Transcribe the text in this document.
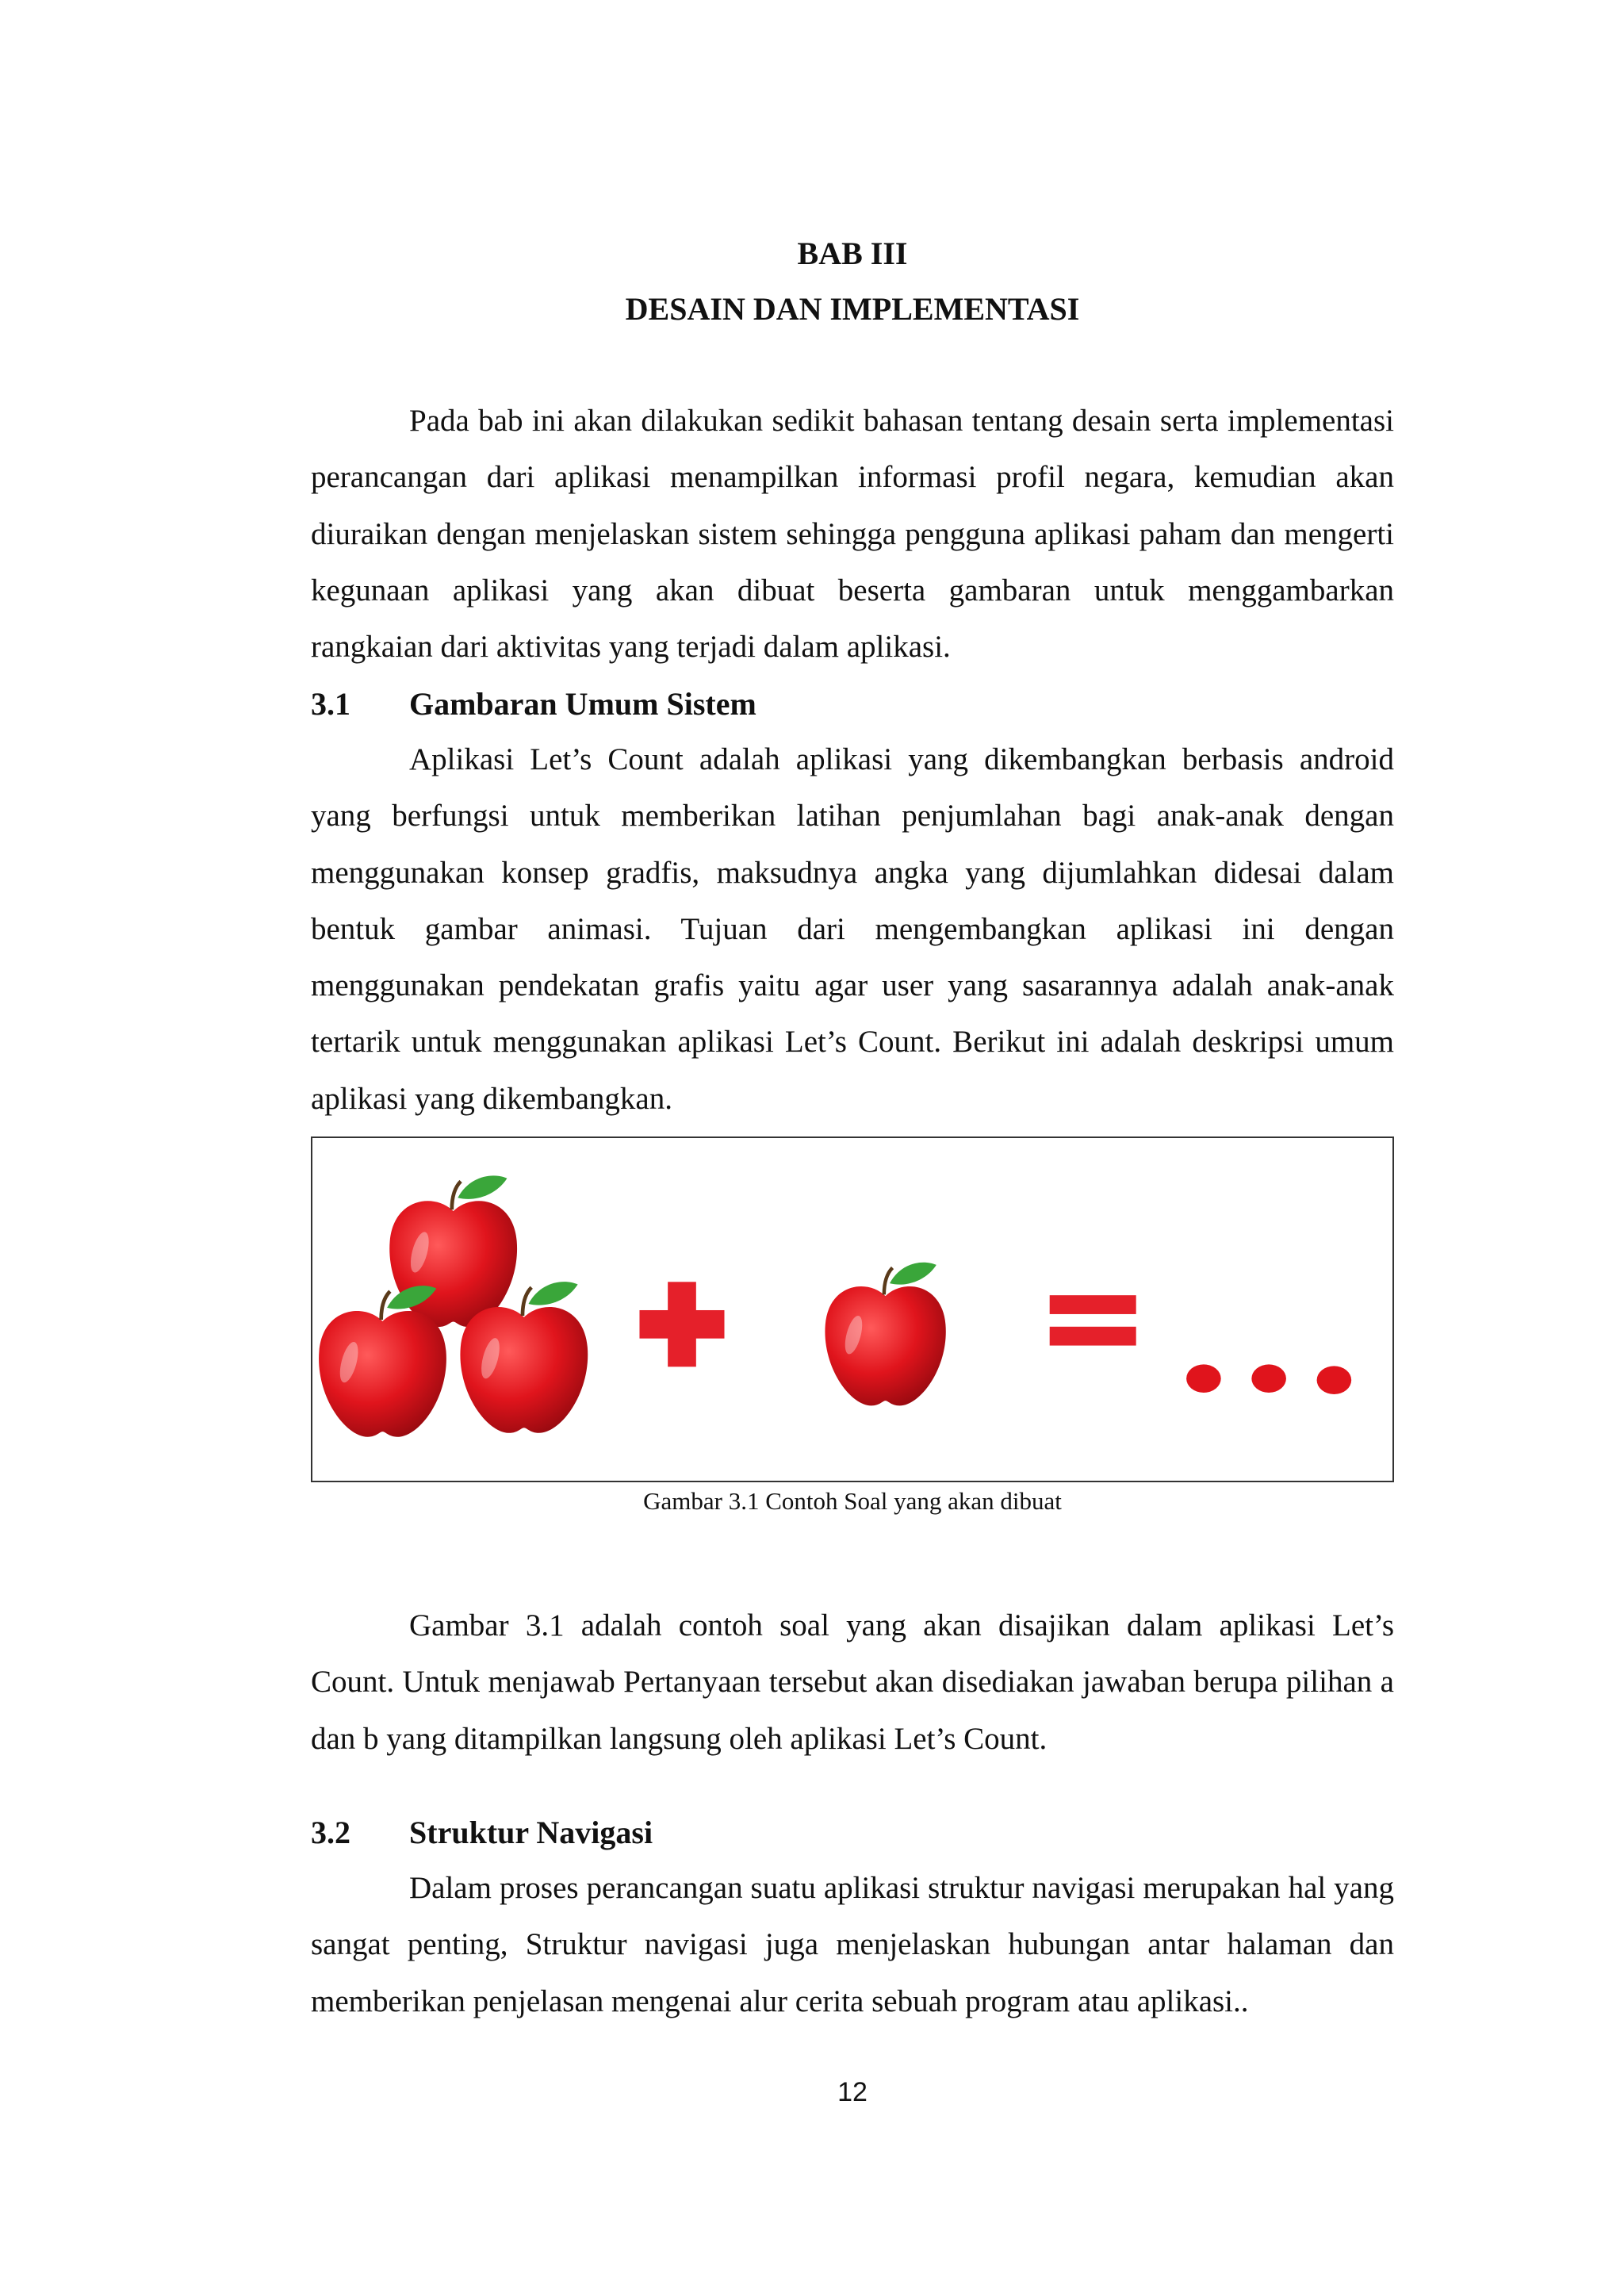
BAB III
DESAIN DAN IMPLEMENTASI

Pada bab ini akan dilakukan sedikit bahasan tentang desain serta implementasi perancangan dari aplikasi menampilkan informasi profil negara, kemudian akan diuraikan dengan menjelaskan sistem sehingga pengguna aplikasi paham dan mengerti kegunaan aplikasi yang akan dibuat beserta gambaran untuk menggambarkan rangkaian dari aktivitas yang terjadi dalam aplikasi.

3.1 Gambaran Umum Sistem

Aplikasi Let’s Count adalah aplikasi yang dikembangkan berbasis android yang berfungsi untuk memberikan latihan penjumlahan bagi anak-anak dengan menggunakan konsep gradfis, maksudnya angka yang dijumlahkan didesai dalam bentuk gambar animasi. Tujuan dari mengembangkan aplikasi ini dengan menggunakan pendekatan grafis yaitu agar user yang sasarannya adalah anak-anak tertarik untuk menggunakan aplikasi Let’s Count. Berikut ini adalah deskripsi umum aplikasi yang dikembangkan.

Gambar 3.1 Contoh Soal yang akan dibuat

Gambar 3.1 adalah contoh soal yang akan disajikan dalam aplikasi Let’s Count. Untuk menjawab Pertanyaan tersebut akan disediakan jawaban berupa pilihan a dan b yang ditampilkan langsung oleh aplikasi Let’s Count.

3.2 Struktur Navigasi

Dalam proses perancangan suatu aplikasi struktur navigasi merupakan hal yang sangat penting, Struktur navigasi juga menjelaskan hubungan antar halaman dan memberikan penjelasan mengenai alur cerita sebuah program atau aplikasi..

12
